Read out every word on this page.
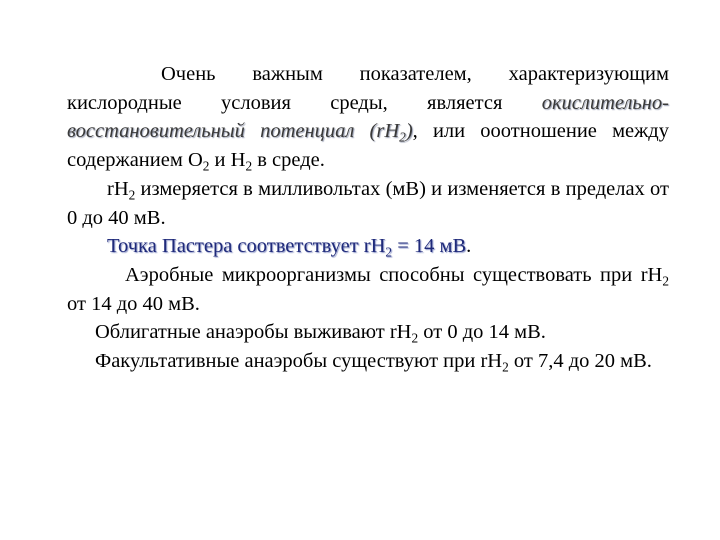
Очень важным показателем, характеризующим кислородные условия среды, является окислительно-восстановительный потенциал $(rH_2)$, или ооотношение между содержанием $О_2$ и $Н_2$ в среде.

$rH_2$ измеряется в милливольтах (мВ) и изменяется в пределах от 0 до 40 мВ.

Точка Пастера соответствует $rH_2 = 14$ мВ.

Аэробные микроорганизмы способны существовать при $rH_2$ от 14 до 40 мВ.

Облигатные анаэробы выживают $rH_2$ от 0 до 14 мВ.

Факультативные анаэробы существуют при $rH_2$ от 7,4 до 20 мВ.
